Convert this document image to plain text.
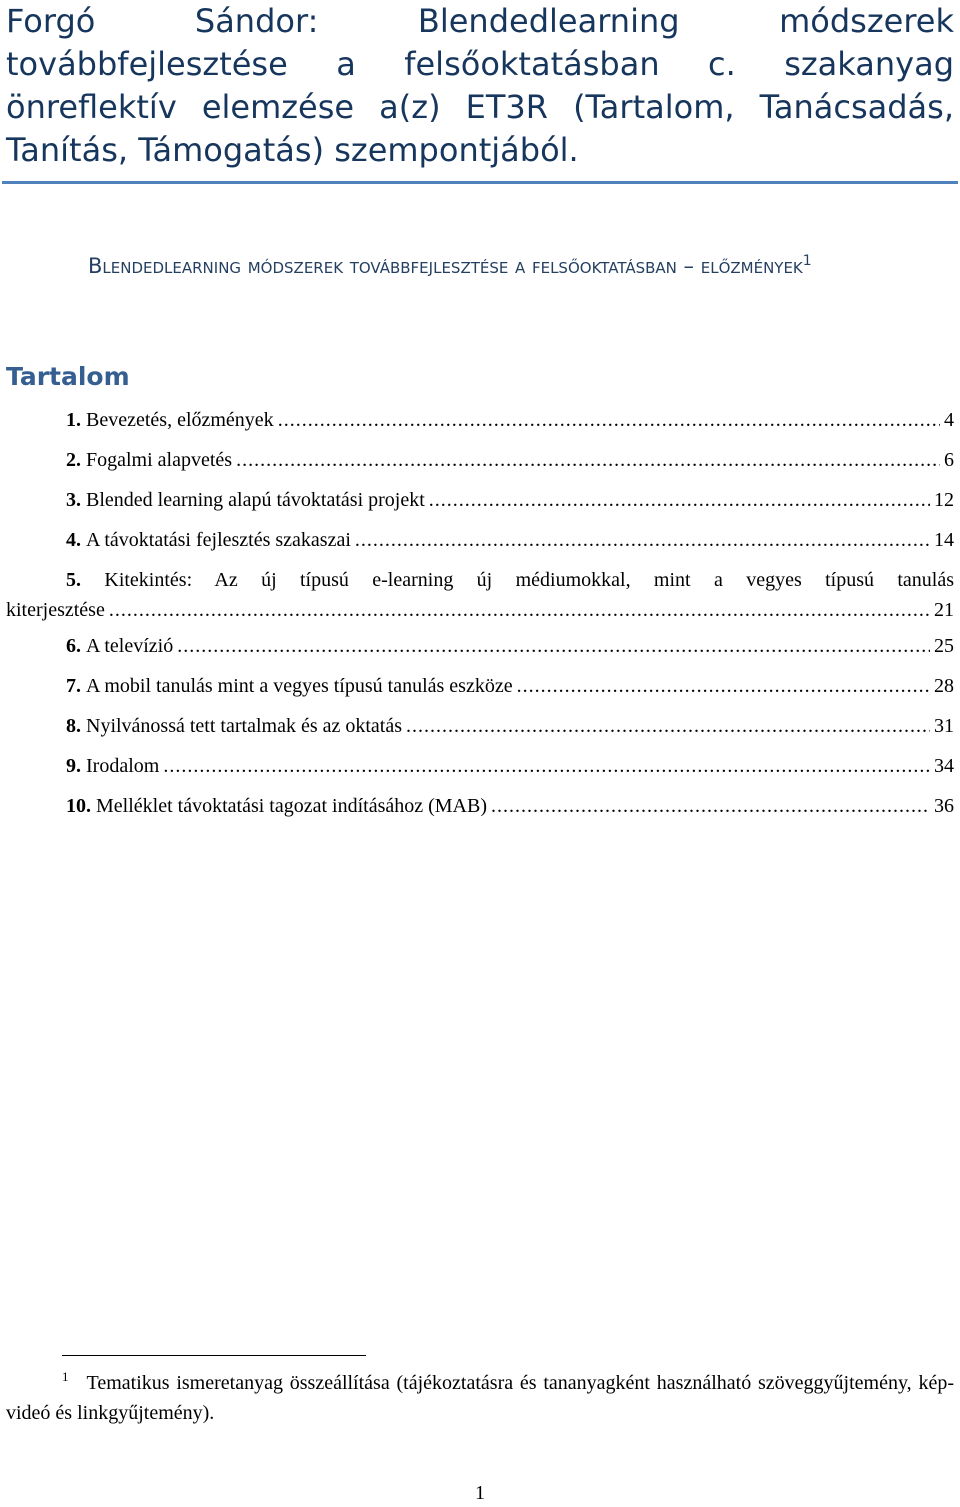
Forgó Sándor: Blendedlearning módszerek továbbfejlesztése a felsőoktatásban c. szakanyag önreflektív elemzése a(z) ET3R (Tartalom, Tanácsadás, Tanítás, Támogatás) szempontjából.
Blendedlearning módszerek továbbfejlesztése a felsőoktatásban – előzmények$^1$
Tartalom
1. Bevezetés, előzmények .....	4
2. Fogalmi alapvetés .....	6
3. Blended learning alapú távoktatási projekt .....	12
4. A távoktatási fejlesztés szakaszai .....	14
5. Kitekintés: Az új típusú e-learning új médiumokkal, mint a vegyes típusú tanulás
kiterjesztése .....	21
6. A televízió .....	25
7. A mobil tanulás mint a vegyes típusú tanulás eszköze .....	28
8. Nyilvánossá tett tartalmak és az oktatás .....	31
9. Irodalom .....	34
10. Melléklet távoktatási tagozat indításához (MAB) .....	36
$^1$ Tematikus ismeretanyag összeállítása (tájékoztatásra és tananyagként használható szöveggyűjtemény, kép-videó és linkgyűjtemény).
1
